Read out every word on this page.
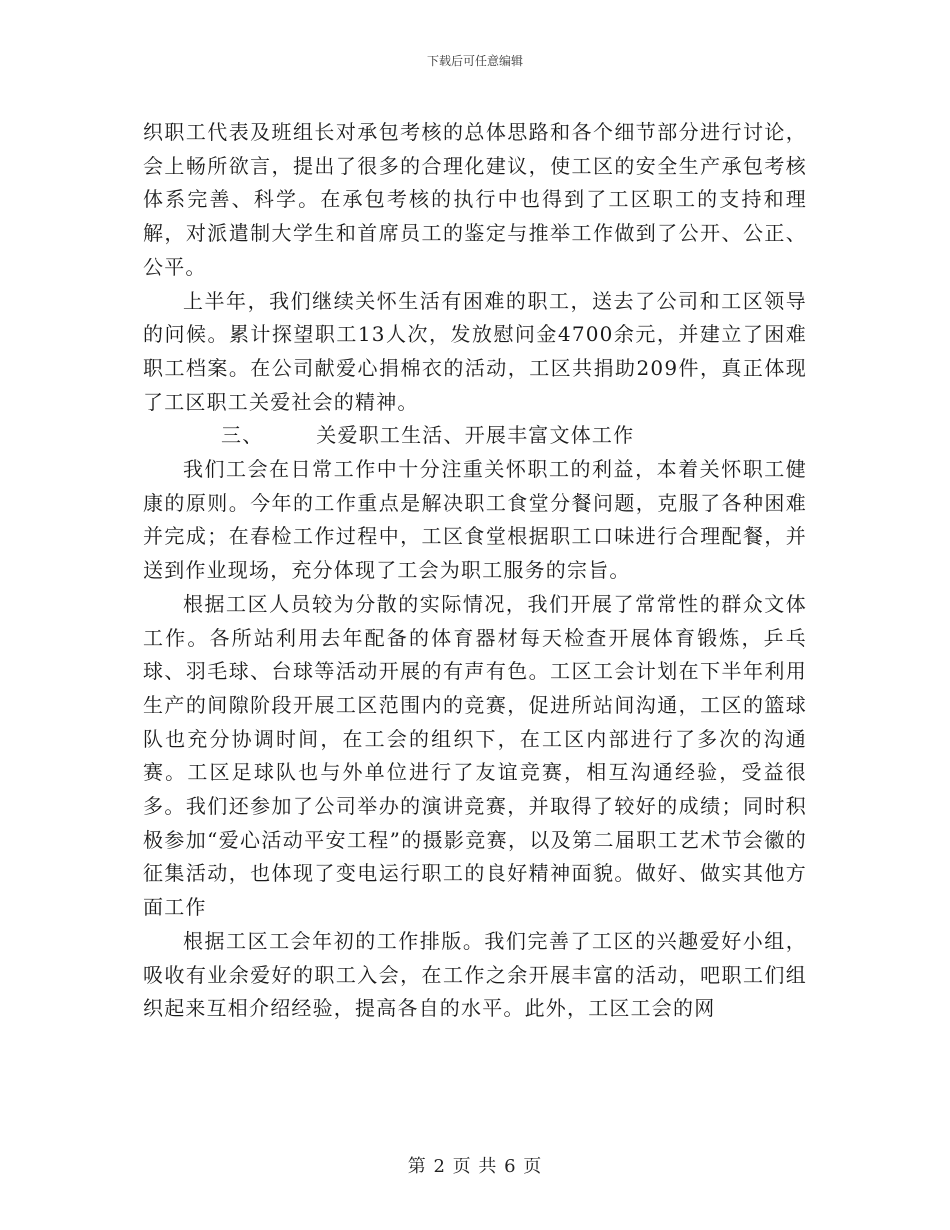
下载后可任意编辑

织职工代表及班组长对承包考核的总体思路和各个细节部分进行讨论，会上畅所欲言，提出了很多的合理化建议，使工区的安全生产承包考核体系完善、科学。在承包考核的执行中也得到了工区职工的支持和理解，对派遣制大学生和首席员工的鉴定与推举工作做到了公开、公正、公平。

上半年，我们继续关怀生活有困难的职工，送去了公司和工区领导的问候。累计探望职工13人次，发放慰问金4700余元，并建立了困难职工档案。在公司献爱心捐棉衣的活动，工区共捐助209件，真正体现了工区职工关爱社会的精神。

三、       关爱职工生活、开展丰富文体工作

我们工会在日常工作中十分注重关怀职工的利益，本着关怀职工健康的原则。今年的工作重点是解决职工食堂分餐问题，克服了各种困难并完成；在春检工作过程中，工区食堂根据职工口味进行合理配餐，并送到作业现场，充分体现了工会为职工服务的宗旨。

根据工区人员较为分散的实际情况，我们开展了常常性的群众文体工作。各所站利用去年配备的体育器材每天检查开展体育锻炼，乒乓球、羽毛球、台球等活动开展的有声有色。工区工会计划在下半年利用生产的间隙阶段开展工区范围内的竞赛，促进所站间沟通，工区的篮球队也充分协调时间，在工会的组织下，在工区内部进行了多次的沟通赛。工区足球队也与外单位进行了友谊竞赛，相互沟通经验，受益很多。我们还参加了公司举办的演讲竞赛，并取得了较好的成绩；同时积极参加“爱心活动平安工程”的摄影竞赛，以及第二届职工艺术节会徽的征集活动，也体现了变电运行职工的良好精神面貌。做好、做实其他方面工作

根据工区工会年初的工作排版。我们完善了工区的兴趣爱好小组，吸收有业余爱好的职工入会，在工作之余开展丰富的活动，吧职工们组织起来互相介绍经验，提高各自的水平。此外，工区工会的网

第 2 页 共 6 页
